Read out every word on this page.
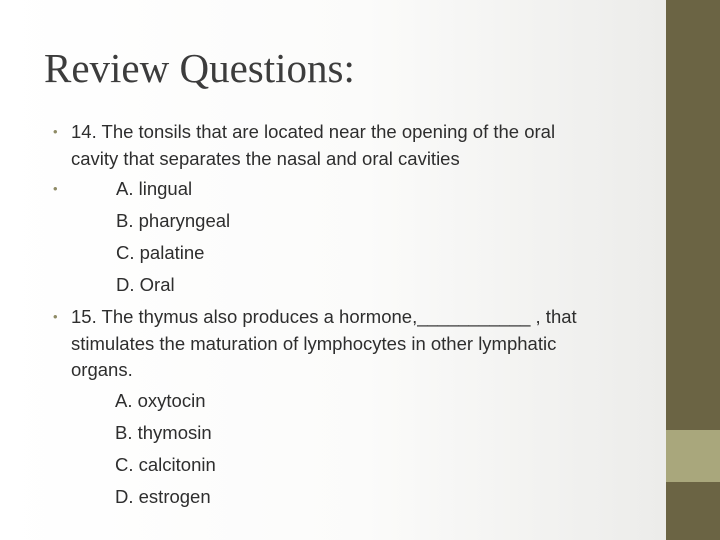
Review Questions:
• 14. The tonsils that are located near the opening of the oral
cavity that separates the nasal and oral cavities
•	A. lingual
B. pharyngeal
C. palatine
D. Oral
• 15. The thymus also produces a hormone,___________ , that
stimulates the maturation of lymphocytes in other lymphatic
organs.
A. oxytocin
B. thymosin
C. calcitonin
D. estrogen
